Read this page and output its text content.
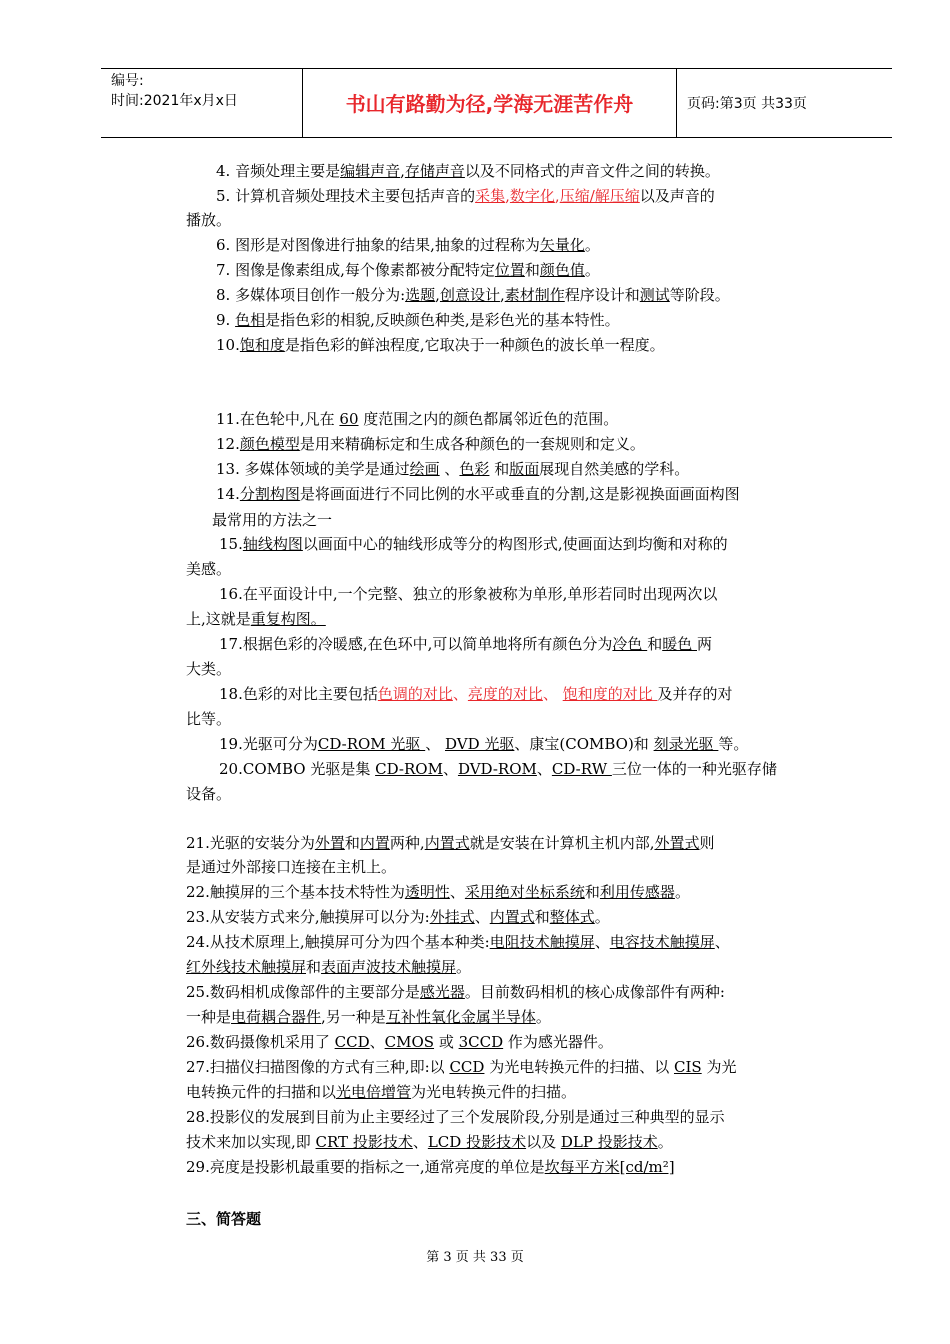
编号:
时间:2021年x月x日	书山有路勤为径,学海无涯苦作舟	页码:第3页 共33页
4. 音频处理主要是编辑声音,存储声音以及不同格式的声音文件之间的转换。
5. 计算机音频处理技术主要包括声音的采集,数字化,压缩/解压缩以及声音的
播放。
6. 图形是对图像进行抽象的结果,抽象的过程称为矢量化。
7. 图像是像素组成,每个像素都被分配特定位置和颜色值。
8. 多媒体项目创作一般分为:选题,创意设计,素材制作程序设计和测试等阶段。
9. 色相是指色彩的相貌,反映颜色种类,是彩色光的基本特性。
10.饱和度是指色彩的鲜浊程度,它取决于一种颜色的波长单一程度。
11.在色轮中,凡在 60 度范围之内的颜色都属邻近色的范围。
12.颜色模型是用来精确标定和生成各种颜色的一套规则和定义。
13. 多媒体领域的美学是通过绘画 、色彩 和版面展现自然美感的学科。
14.分割构图是将画面进行不同比例的水平或垂直的分割,这是影视换面画面构图
最常用的方法之一
15.轴线构图以画面中心的轴线形成等分的构图形式,使画面达到均衡和对称的
美感。
16.在平面设计中,一个完整、独立的形象被称为单形,单形若同时出现两次以
上,这就是重复构图。
17.根据色彩的冷暖感,在色环中,可以简单地将所有颜色分为冷色 和暖色 两
大类。
18.色彩的对比主要包括色调的对比、亮度的对比、 饱和度的对比 及并存的对
比等。
19.光驱可分为CD-ROM 光驱 、 DVD 光驱、康宝(COMBO)和 刻录光驱 等。
20.COMBO 光驱是集 CD-ROM、DVD-ROM、CD-RW 三位一体的一种光驱存储
设备。
21.光驱的安装分为外置和内置两种,内置式就是安装在计算机主机内部,外置式则
是通过外部接口连接在主机上。
22.触摸屏的三个基本技术特性为透明性、采用绝对坐标系统和利用传感器。
23.从安装方式来分,触摸屏可以分为:外挂式、内置式和整体式。
24.从技术原理上,触摸屏可分为四个基本种类:电阻技术触摸屏、电容技术触摸屏、
红外线技术触摸屏和表面声波技术触摸屏。
25.数码相机成像部件的主要部分是感光器。目前数码相机的核心成像部件有两种:
一种是电荷耦合器件,另一种是互补性氧化金属半导体。
26.数码摄像机采用了 CCD、CMOS 或 3CCD 作为感光器件。
27.扫描仪扫描图像的方式有三种,即:以 CCD 为光电转换元件的扫描、以 CIS 为光
电转换元件的扫描和以光电倍增管为光电转换元件的扫描。
28.投影仪的发展到目前为止主要经过了三个发展阶段,分别是通过三种典型的显示
技术来加以实现,即 CRT 投影技术、LCD 投影技术以及 DLP 投影技术。
29.亮度是投影机最重要的指标之一,通常亮度的单位是坎每平方米[cd/m²]
三、简答题
第 3 页 共 33 页
